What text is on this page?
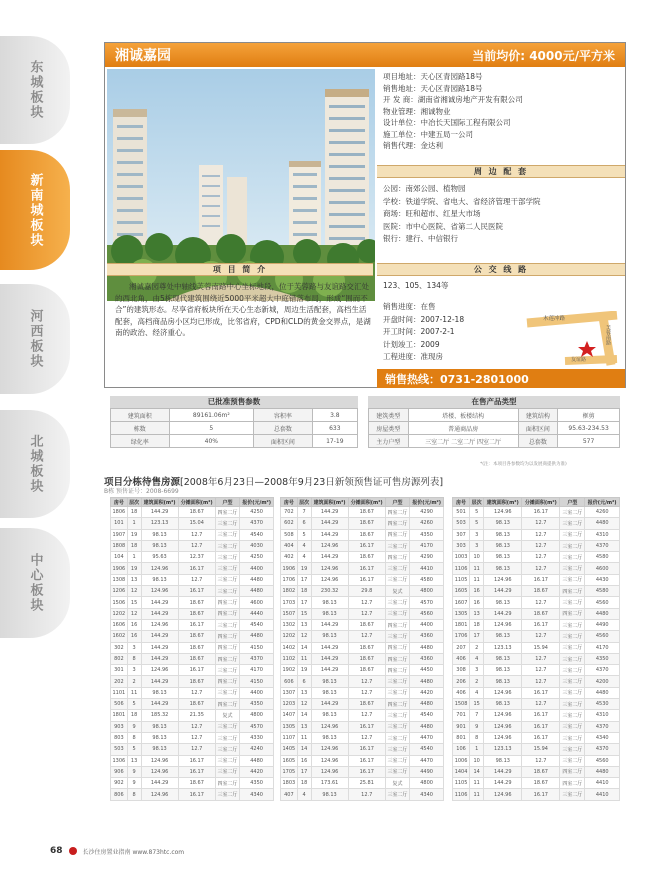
东城板块
新南城板块
河西板块
北城板块
中心板块
湘诚嘉园	当前均价: 4000元/平方米
项目地址：天心区青园路18号
销售地址：天心区青园路18号
开 发 商：湖南省湘诚房地产开发有限公司
物业管理：湘诚物业
设计单位：中冶长天国际工程有限公司
施工单位：中建五局一公司
销售代理：金达利
周 边 配 套
公园：南郊公园、植物园
学校：铁道学院、省电大、省经济管理干部学院
商场：旺和超市、红星大市场
医院：市中心医院、省第二人民医院
银行：建行、中信银行
项 目 简 介
湘诚嘉园尊处中轴线芙蓉南路中心坐标地段，位于芙蓉路与友谊路交汇处的西北角，由5栋现代建筑围绕近5000平米超大中庭错落布局，形成“围而不合”的建筑形态。尽享省府板块所在天心生态新城，周边生活配套，高档生活配套，高档商品房小区均已形成，比邻省府，CPD和CLD的黄金交界点，是湖南的政治、经济重心。
公 交 线 路
123、105、134等
销售进度：在售
开盘时间：2007-12-18
开工时间：2007-2-1
计划竣工：2009
工程进度：准现房
木莲冲路
芙蓉南路
友谊路
销售热线：0731-2801000
已批准预售参数
建筑面积	89161.06m²	容积率	3.8
栋数	5	总套数	633
绿化率	40%	面积区间	17-19
在售产品类型
建筑类型	塔楼、板楼结构	建筑结构	框剪
房屋类型	普通商品房	面积区间	95.63-234.53
主力户型	三室二厅 二室二厅 四室二厅	总套数	577
*(注：本项目各参数均为以发展商提供为准)
项目分栋待售房源[2008年6月23日—2008年9月23日新领预售证可售房源列表]
B栋 预售证号：2008-6699
房号	层次	建筑面积(m²)	分摊面积(m²)	户型	报价(元/m²)
1806	18	144.29	18.67	四室二厅	4250
101	1	123.13	15.04	三室二厅	4370
1907	19	98.13	12.7	三室二厅	4540
1808	18	98.13	12.7	三室二厅	4030
104	1	95.63	12.37	三室二厅	4250
1906	19	124.96	16.17	三室二厅	4400
1308	13	98.13	12.7	三室二厅	4480
1206	12	124.96	16.17	三室二厅	4480
1506	15	144.29	18.67	四室二厅	4600
1202	12	144.29	18.67	四室二厅	4440
1606	16	124.96	16.17	三室二厅	4540
1602	16	144.29	18.67	四室二厅	4480
302	3	144.29	18.67	四室二厅	4150
802	8	144.29	18.67	四室二厅	4370
301	3	124.96	16.17	三室二厅	4170
202	2	144.29	18.67	四室二厅	4150
1101	11	98.13	12.7	三室二厅	4400
506	5	144.29	18.67	四室二厅	4350
1801	18	185.32	21.35	复式	4800
903	9	98.13	12.7	三室二厅	4570
803	8	98.13	12.7	三室二厅	4330
503	5	98.13	12.7	三室二厅	4240
1306	13	124.96	16.17	三室二厅	4480
906	9	124.96	16.17	三室二厅	4420
902	9	144.29	18.67	四室二厅	4350
806	8	124.96	16.17	三室二厅	4340
房号	层次	建筑面积(m²)	分摊面积(m²)	户型	报价(元/m²)
702	7	144.29	18.67	四室二厅	4290
602	6	144.29	18.67	四室二厅	4260
508	5	144.29	18.67	四室二厅	4350
404	4	124.96	16.17	三室二厅	4170
402	4	144.29	18.67	四室二厅	4290
1906	19	124.96	16.17	三室二厅	4410
1706	17	124.96	16.17	三室二厅	4580
1802	18	230.32	29.8	复式	4800
1703	17	98.13	12.7	三室二厅	4570
1507	15	98.13	12.7	三室二厅	4560
1302	13	144.29	18.67	四室二厅	4400
1202	12	98.13	12.7	三室二厅	4360
1402	14	144.29	18.67	四室二厅	4480
1102	11	144.29	18.67	四室二厅	4360
1902	19	144.29	18.67	四室二厅	4450
606	6	98.13	12.7	三室二厅	4480
1307	13	98.13	12.7	三室二厅	4420
1203	12	144.29	18.67	四室二厅	4480
1407	14	98.13	12.7	三室二厅	4540
1305	13	124.96	16.17	三室二厅	4480
1107	11	98.13	12.7	三室二厅	4470
1405	14	124.96	16.17	三室二厅	4540
1605	16	124.96	16.17	三室二厅	4470
1705	17	124.96	16.17	三室二厅	4490
1803	18	173.61	25.81	复式	4800
407	4	98.13	12.7	三室二厅	4340
房号	层次	建筑面积(m²)	分摊面积(m²)	户型	报价(元/m²)
501	5	124.96	16.17	三室二厅	4260
503	5	98.13	12.7	三室二厅	4480
307	3	98.13	12.7	三室二厅	4310
303	3	98.13	12.7	三室二厅	4370
1003	10	98.13	12.7	三室二厅	4580
1106	11	98.13	12.7	三室二厅	4600
1105	11	124.96	16.17	三室二厅	4430
1605	16	144.29	18.67	四室二厅	4580
1607	16	98.13	12.7	三室二厅	4560
1305	13	144.29	18.67	四室二厅	4480
1801	18	124.96	16.17	三室二厅	4490
1706	17	98.13	12.7	三室二厅	4560
207	2	123.13	15.94	三室二厅	4170
406	4	98.13	12.7	三室二厅	4350
308	3	98.13	12.7	三室二厅	4370
206	2	98.13	12.7	三室二厅	4200
406	4	124.96	16.17	三室二厅	4480
1508	15	98.13	12.7	三室二厅	4530
701	7	124.96	16.17	三室二厅	4310
901	9	124.96	16.17	三室二厅	4370
801	8	124.96	16.17	三室二厅	4340
106	1	123.13	15.94	三室二厅	4370
1006	10	98.13	12.7	三室二厅	4560
1404	14	144.29	18.67	四室二厅	4480
1105	11	144.29	18.67	四室二厅	4410
1106	11	124.96	16.17	三室二厅	4410
68	长沙住房置业指南 www.873htc.com
